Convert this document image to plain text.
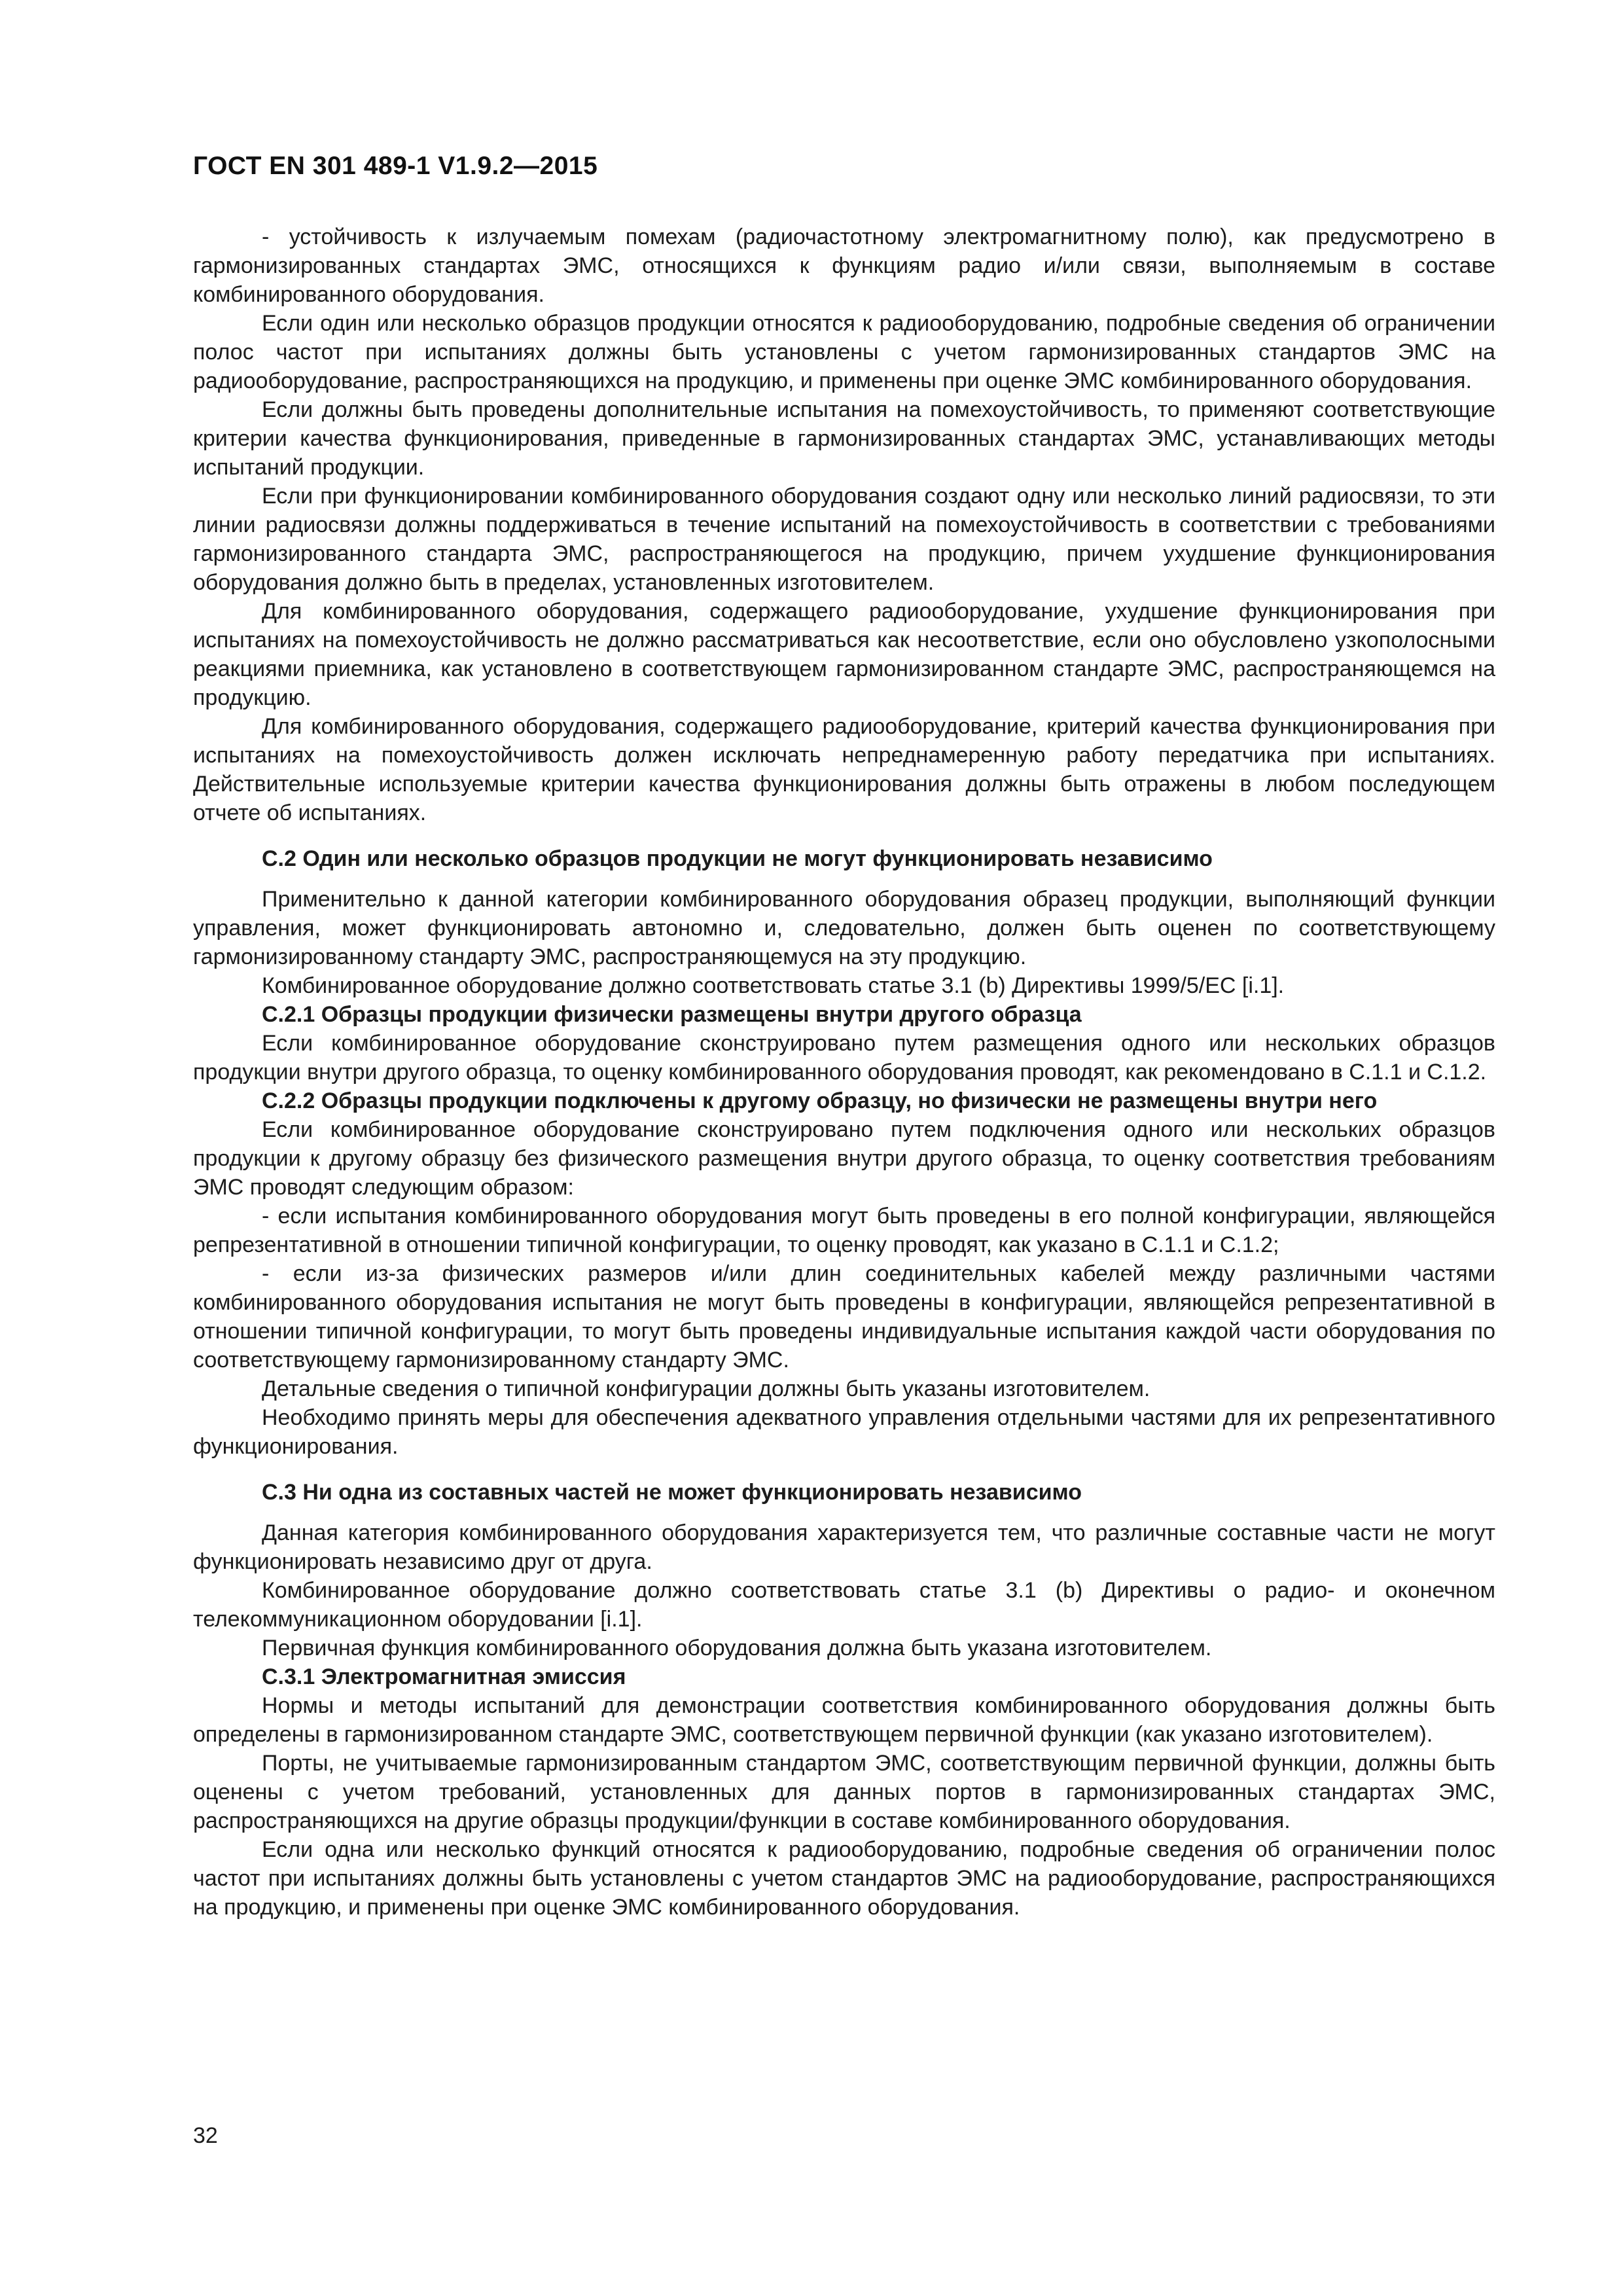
ГОСТ EN 301 489-1 V1.9.2—2015

- устойчивость к излучаемым помехам (радиочастотному электромагнитному полю), как предусмотрено в гармонизированных стандартах ЭМС, относящихся к функциям радио и/или связи, выполняемым в составе комбинированного оборудования.

Если один или несколько образцов продукции относятся к радиооборудованию, подробные сведения об ограничении полос частот при испытаниях должны быть установлены с учетом гармонизированных стандартов ЭМС на радиооборудование, распространяющихся на продукцию, и применены при оценке ЭМС комбинированного оборудования.

Если должны быть проведены дополнительные испытания на помехоустойчивость, то применяют соответствующие критерии качества функционирования, приведенные в гармонизированных стандартах ЭМС, устанавливающих методы испытаний продукции.

Если при функционировании комбинированного оборудования создают одну или несколько линий радиосвязи, то эти линии радиосвязи должны поддерживаться в течение испытаний на помехоустойчивость в соответствии с требованиями гармонизированного стандарта ЭМС, распространяющегося на продукцию, причем ухудшение функционирования оборудования должно быть в пределах, установленных изготовителем.

Для комбинированного оборудования, содержащего радиооборудование, ухудшение функционирования при испытаниях на помехоустойчивость не должно рассматриваться как несоответствие, если оно обусловлено узкополосными реакциями приемника, как установлено в соответствующем гармонизированном стандарте ЭМС, распространяющемся на продукцию.

Для комбинированного оборудования, содержащего радиооборудование, критерий качества функционирования при испытаниях на помехоустойчивость должен исключать непреднамеренную работу передатчика при испытаниях. Действительные используемые критерии качества функционирования должны быть отражены в любом последующем отчете об испытаниях.

С.2 Один или несколько образцов продукции не могут функционировать независимо

Применительно к данной категории комбинированного оборудования образец продукции, выполняющий функции управления, может функционировать автономно и, следовательно, должен быть оценен по соответствующему гармонизированному стандарту ЭМС, распространяющемуся на эту продукцию.

Комбинированное оборудование должно соответствовать статье 3.1 (b) Директивы 1999/5/ЕС [i.1].

С.2.1 Образцы продукции физически размещены внутри другого образца

Если комбинированное оборудование сконструировано путем размещения одного или нескольких образцов продукции внутри другого образца, то оценку комбинированного оборудования проводят, как рекомендовано в С.1.1 и С.1.2.

С.2.2 Образцы продукции подключены к другому образцу, но физически не размещены внутри него

Если комбинированное оборудование сконструировано путем подключения одного или нескольких образцов продукции к другому образцу без физического размещения внутри другого образца, то оценку соответствия требованиям ЭМС проводят следующим образом:

- если испытания комбинированного оборудования могут быть проведены в его полной конфигурации, являющейся репрезентативной в отношении типичной конфигурации, то оценку проводят, как указано в С.1.1 и С.1.2;

- если из-за физических размеров и/или длин соединительных кабелей между различными частями комбинированного оборудования испытания не могут быть проведены в конфигурации, являющейся репрезентативной в отношении типичной конфигурации, то могут быть проведены индивидуальные испытания каждой части оборудования по соответствующему гармонизированному стандарту ЭМС.

Детальные сведения о типичной конфигурации должны быть указаны изготовителем.

Необходимо принять меры для обеспечения адекватного управления отдельными частями для их репрезентативного функционирования.

С.3 Ни одна из составных частей не может функционировать независимо

Данная категория комбинированного оборудования характеризуется тем, что различные составные части не могут функционировать независимо друг от друга.

Комбинированное оборудование должно соответствовать статье 3.1 (b) Директивы о радио- и оконечном телекоммуникационном оборудовании [i.1].

Первичная функция комбинированного оборудования должна быть указана изготовителем.

С.3.1 Электромагнитная эмиссия

Нормы и методы испытаний для демонстрации соответствия комбинированного оборудования должны быть определены в гармонизированном стандарте ЭМС, соответствующем первичной функции (как указано изготовителем).

Порты, не учитываемые гармонизированным стандартом ЭМС, соответствующим первичной функции, должны быть оценены с учетом требований, установленных для данных портов в гармонизированных стандартах ЭМС, распространяющихся на другие образцы продукции/функции в составе комбинированного оборудования.

Если одна или несколько функций относятся к радиооборудованию, подробные сведения об ограничении полос частот при испытаниях должны быть установлены с учетом стандартов ЭМС на радиооборудование, распространяющихся на продукцию, и применены при оценке ЭМС комбинированного оборудования.

32
